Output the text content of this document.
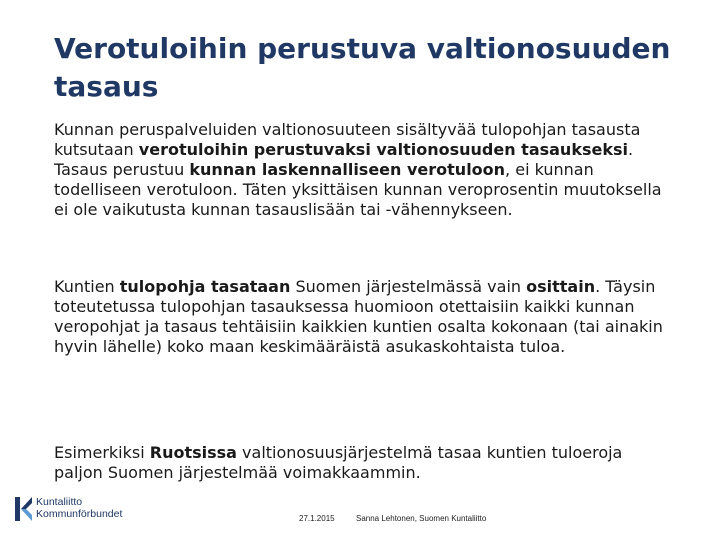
Verotuloihin perustuva valtionosuuden tasaus

Kunnan peruspalveluiden valtionosuuteen sisältyvää tulopohjan tasausta kutsutaan verotuloihin perustuvaksi valtionosuuden tasaukseksi. Tasaus perustuu kunnan laskennalliseen verotuloon, ei kunnan todelliseen verotuloon. Täten yksittäisen kunnan veroprosentin muutoksella ei ole vaikutusta kunnan tasauslisään tai -vähennykseen.

Kuntien tulopohja tasataan Suomen järjestelmässä vain osittain. Täysin toteutetussa tulopohjan tasauksessa huomioon otettaisiin kaikki kunnan veropohjat ja tasaus tehtäisiin kaikkien kuntien osalta kokonaan (tai ainakin hyvin lähelle) koko maan keskimääräistä asukaskohtaista tuloa.

Esimerkiksi Ruotsissa valtionosuusjärjestelmä tasaa kuntien tuloeroja paljon Suomen järjestelmää voimakkaammin.

Kuntaliitto
Kommunförbundet	27.1.2015	Sanna Lehtonen, Suomen Kuntaliitto
